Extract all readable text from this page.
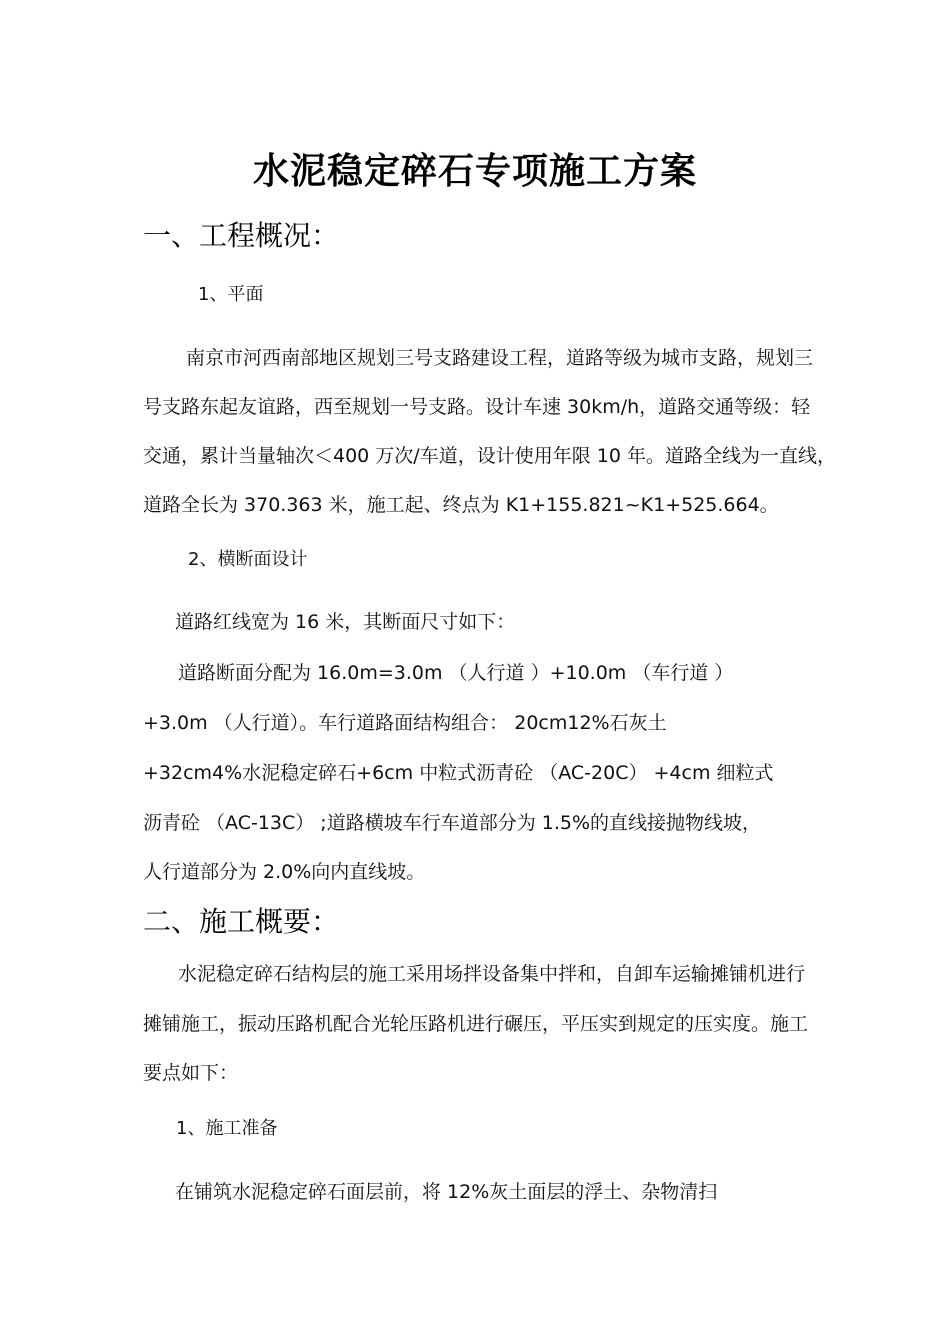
水泥稳定碎石专项施工方案
一、工程概况：
1、平面
南京市河西南部地区规划三号支路建设工程，道路等级为城市支路，规划三
号支路东起友谊路，西至规划一号支路。设计车速 30km/h，道路交通等级：轻
交通，累计当量轴次＜400 万次/车道，设计使用年限 10 年。道路全线为一直线，
道路全长为 370.363 米，施工起、终点为 K1+155.821~K1+525.664。
2、横断面设计
道路红线宽为 16 米，其断面尺寸如下：
道路断面分配为 16.0m=3.0m （人行道 ）+10.0m （车行道 ）
+3.0m （人行道）。车行道路面结构组合： 20cm12%石灰土
+32cm4%水泥稳定碎石+6cm 中粒式沥青砼 （AC-20C） +4cm 细粒式
沥青砼 （AC-13C） ;道路横坡车行车道部分为 1.5%的直线接抛物线坡，
人行道部分为 2.0%向内直线坡。
二、施工概要：
水泥稳定碎石结构层的施工采用场拌设备集中拌和，自卸车运输摊铺机进行
摊铺施工，振动压路机配合光轮压路机进行碾压，平压实到规定的压实度。施工
要点如下：
1、施工准备
在铺筑水泥稳定碎石面层前，将 12%灰土面层的浮土、杂物清扫
